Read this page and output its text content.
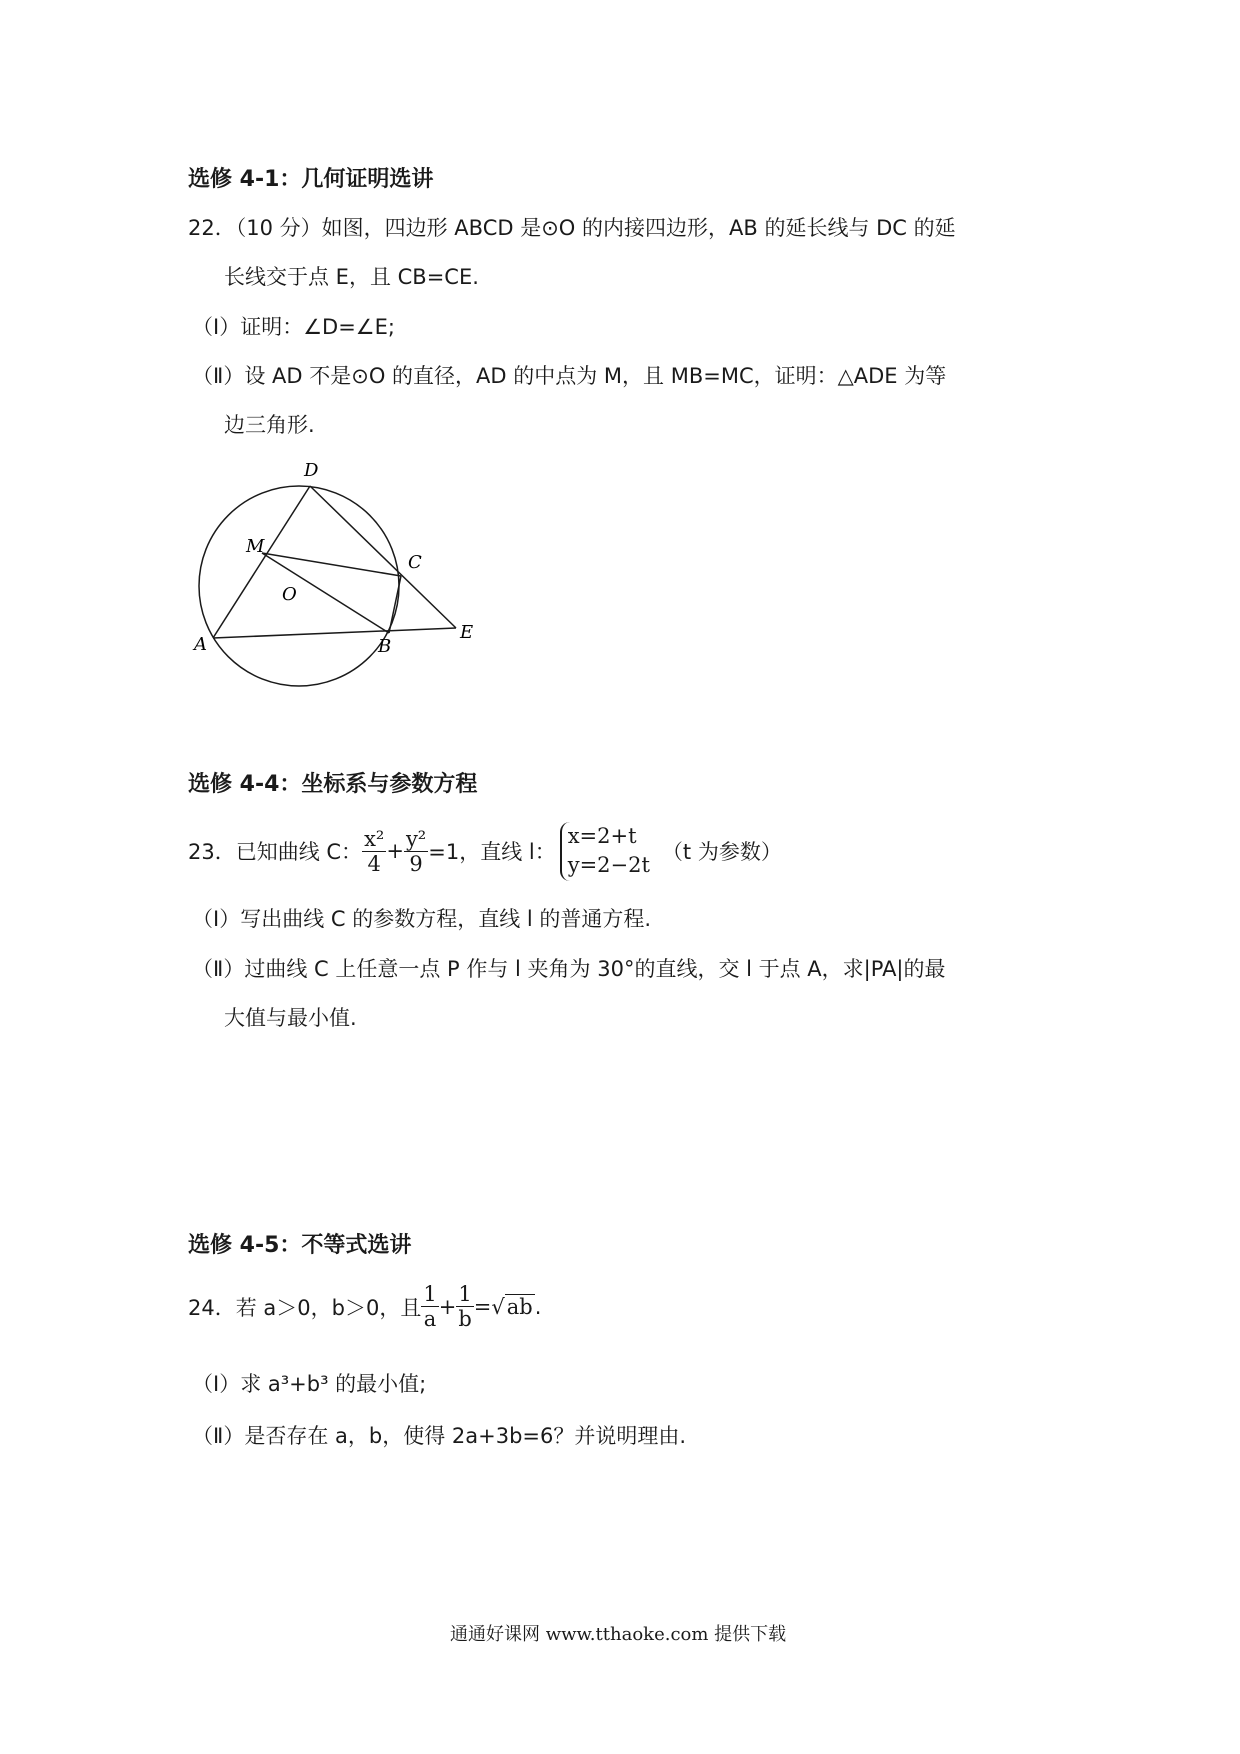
选修 4-1：几何证明选讲
22．（10 分）如图，四边形 ABCD 是⊙O 的内接四边形，AB 的延长线与 DC 的延
长线交于点 E，且 CB=CE.
（Ⅰ）证明：∠D=∠E;
（Ⅱ）设 AD 不是⊙O 的直径，AD 的中点为 M，且 MB=MC，证明：△ADE 为等
边三角形.
D
M
C
O
A	B
E
选修 4-4：坐标系与参数方程
23．已知曲线 C： $\frac{\text{x²}}{4} + \frac{\text{y²}}{9} =1$，直线 l：
x=2+t
y=2−2t
（t 为参数）
（Ⅰ）写出曲线 C 的参数方程，直线 l 的普通方程.
（Ⅱ）过曲线 C 上任意一点 P 作与 l 夹角为 30°的直线，交 l 于点 A，求|PA|的最
大值与最小值.
选修 4-5：不等式选讲
24．若 a＞0，b＞0，且 $\frac{1}{a} + \frac{1}{b}$ = √ ab .
（Ⅰ）求 a³+b³ 的最小值;
（Ⅱ）是否存在 a，b，使得 2a+3b=6？并说明理由.
通通好课网 www.tthaoke.com 提供下载
